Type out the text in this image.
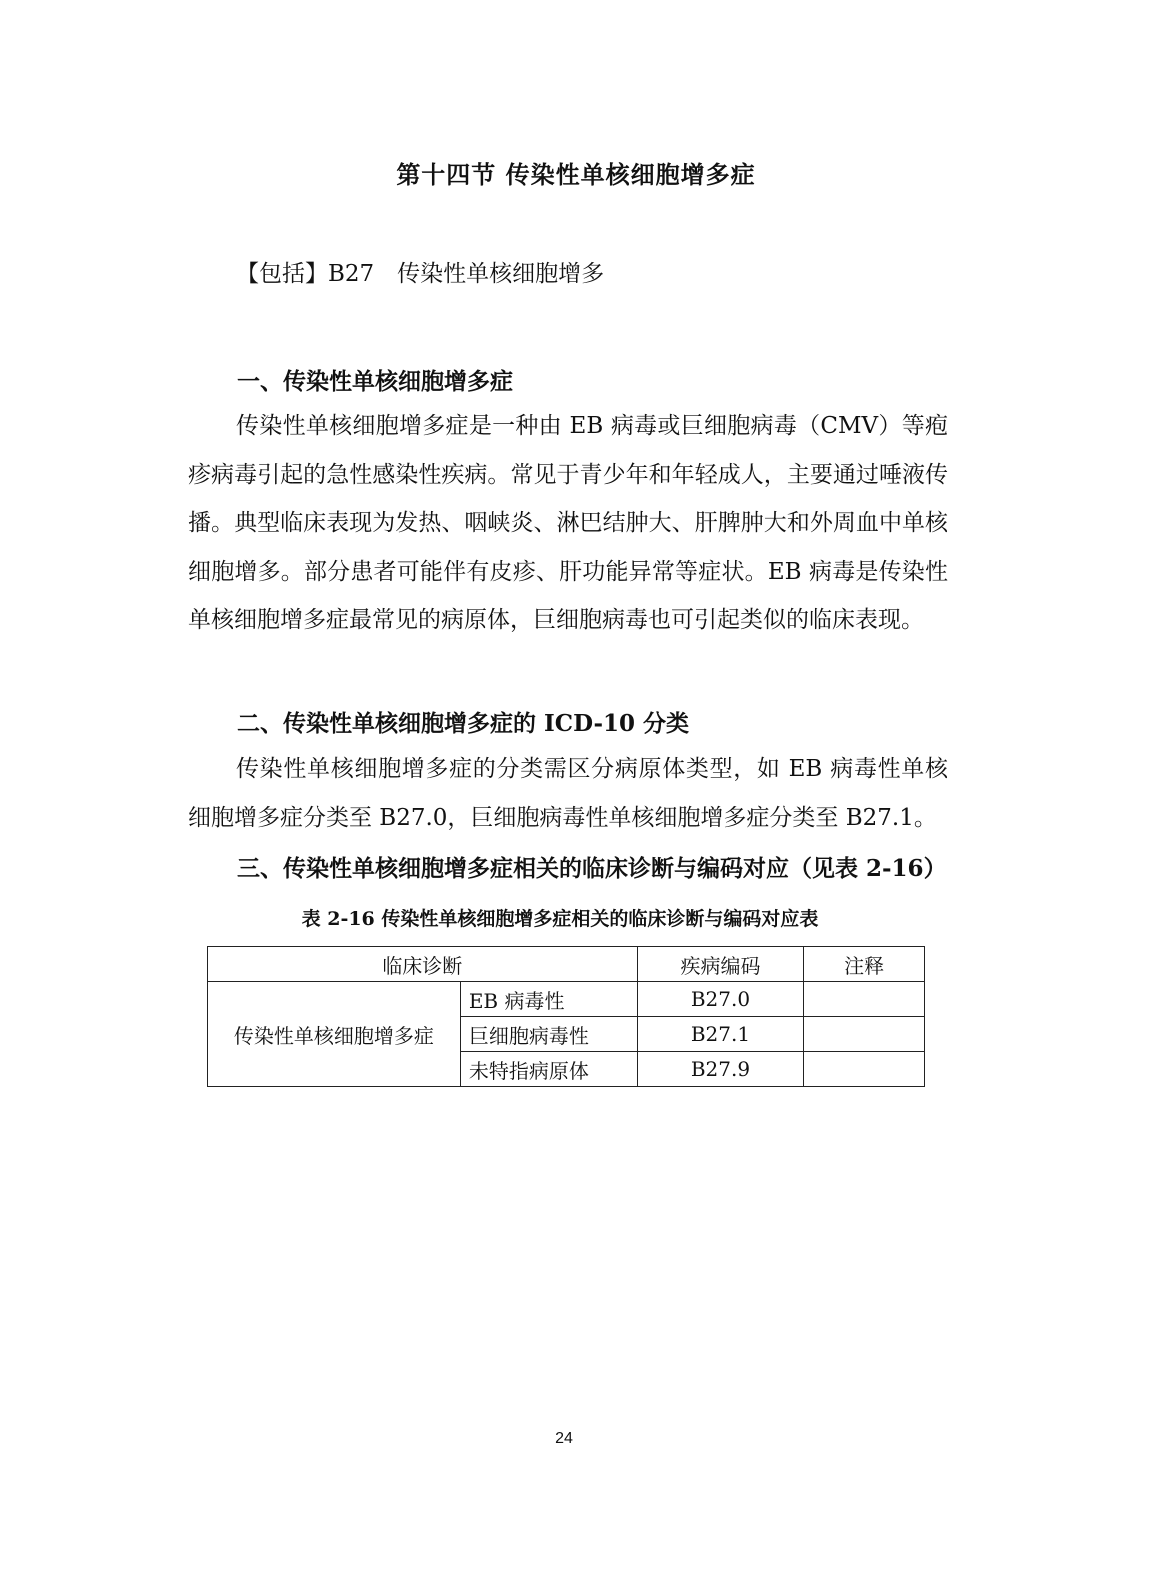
第十四节 传染性单核细胞增多症
【包括】B27　传染性单核细胞增多
一、传染性单核细胞增多症

传染性单核细胞增多症是一种由 EB 病毒或巨细胞病毒（CMV）等疱疹病毒引起的急性感染性疾病。常见于青少年和年轻成人，主要通过唾液传播。典型临床表现为发热、咽峡炎、淋巴结肿大、肝脾肿大和外周血中单核细胞增多。部分患者可能伴有皮疹、肝功能异常等症状。EB 病毒是传染性单核细胞增多症最常见的病原体，巨细胞病毒也可引起类似的临床表现。

二、传染性单核细胞增多症的 ICD-10 分类

传染性单核细胞增多症的分类需区分病原体类型，如 EB 病毒性单核细胞增多症分类至 B27.0，巨细胞病毒性单核细胞增多症分类至 B27.1。

三、传染性单核细胞增多症相关的临床诊断与编码对应（见表 2-16）
表 2-16 传染性单核细胞增多症相关的临床诊断与编码对应表
临床诊断		疾病编码	注释
传染性单核细胞增多症	EB 病毒性	B27.0	
	巨细胞病毒性	B27.1	
	未特指病原体	B27.9	
24
